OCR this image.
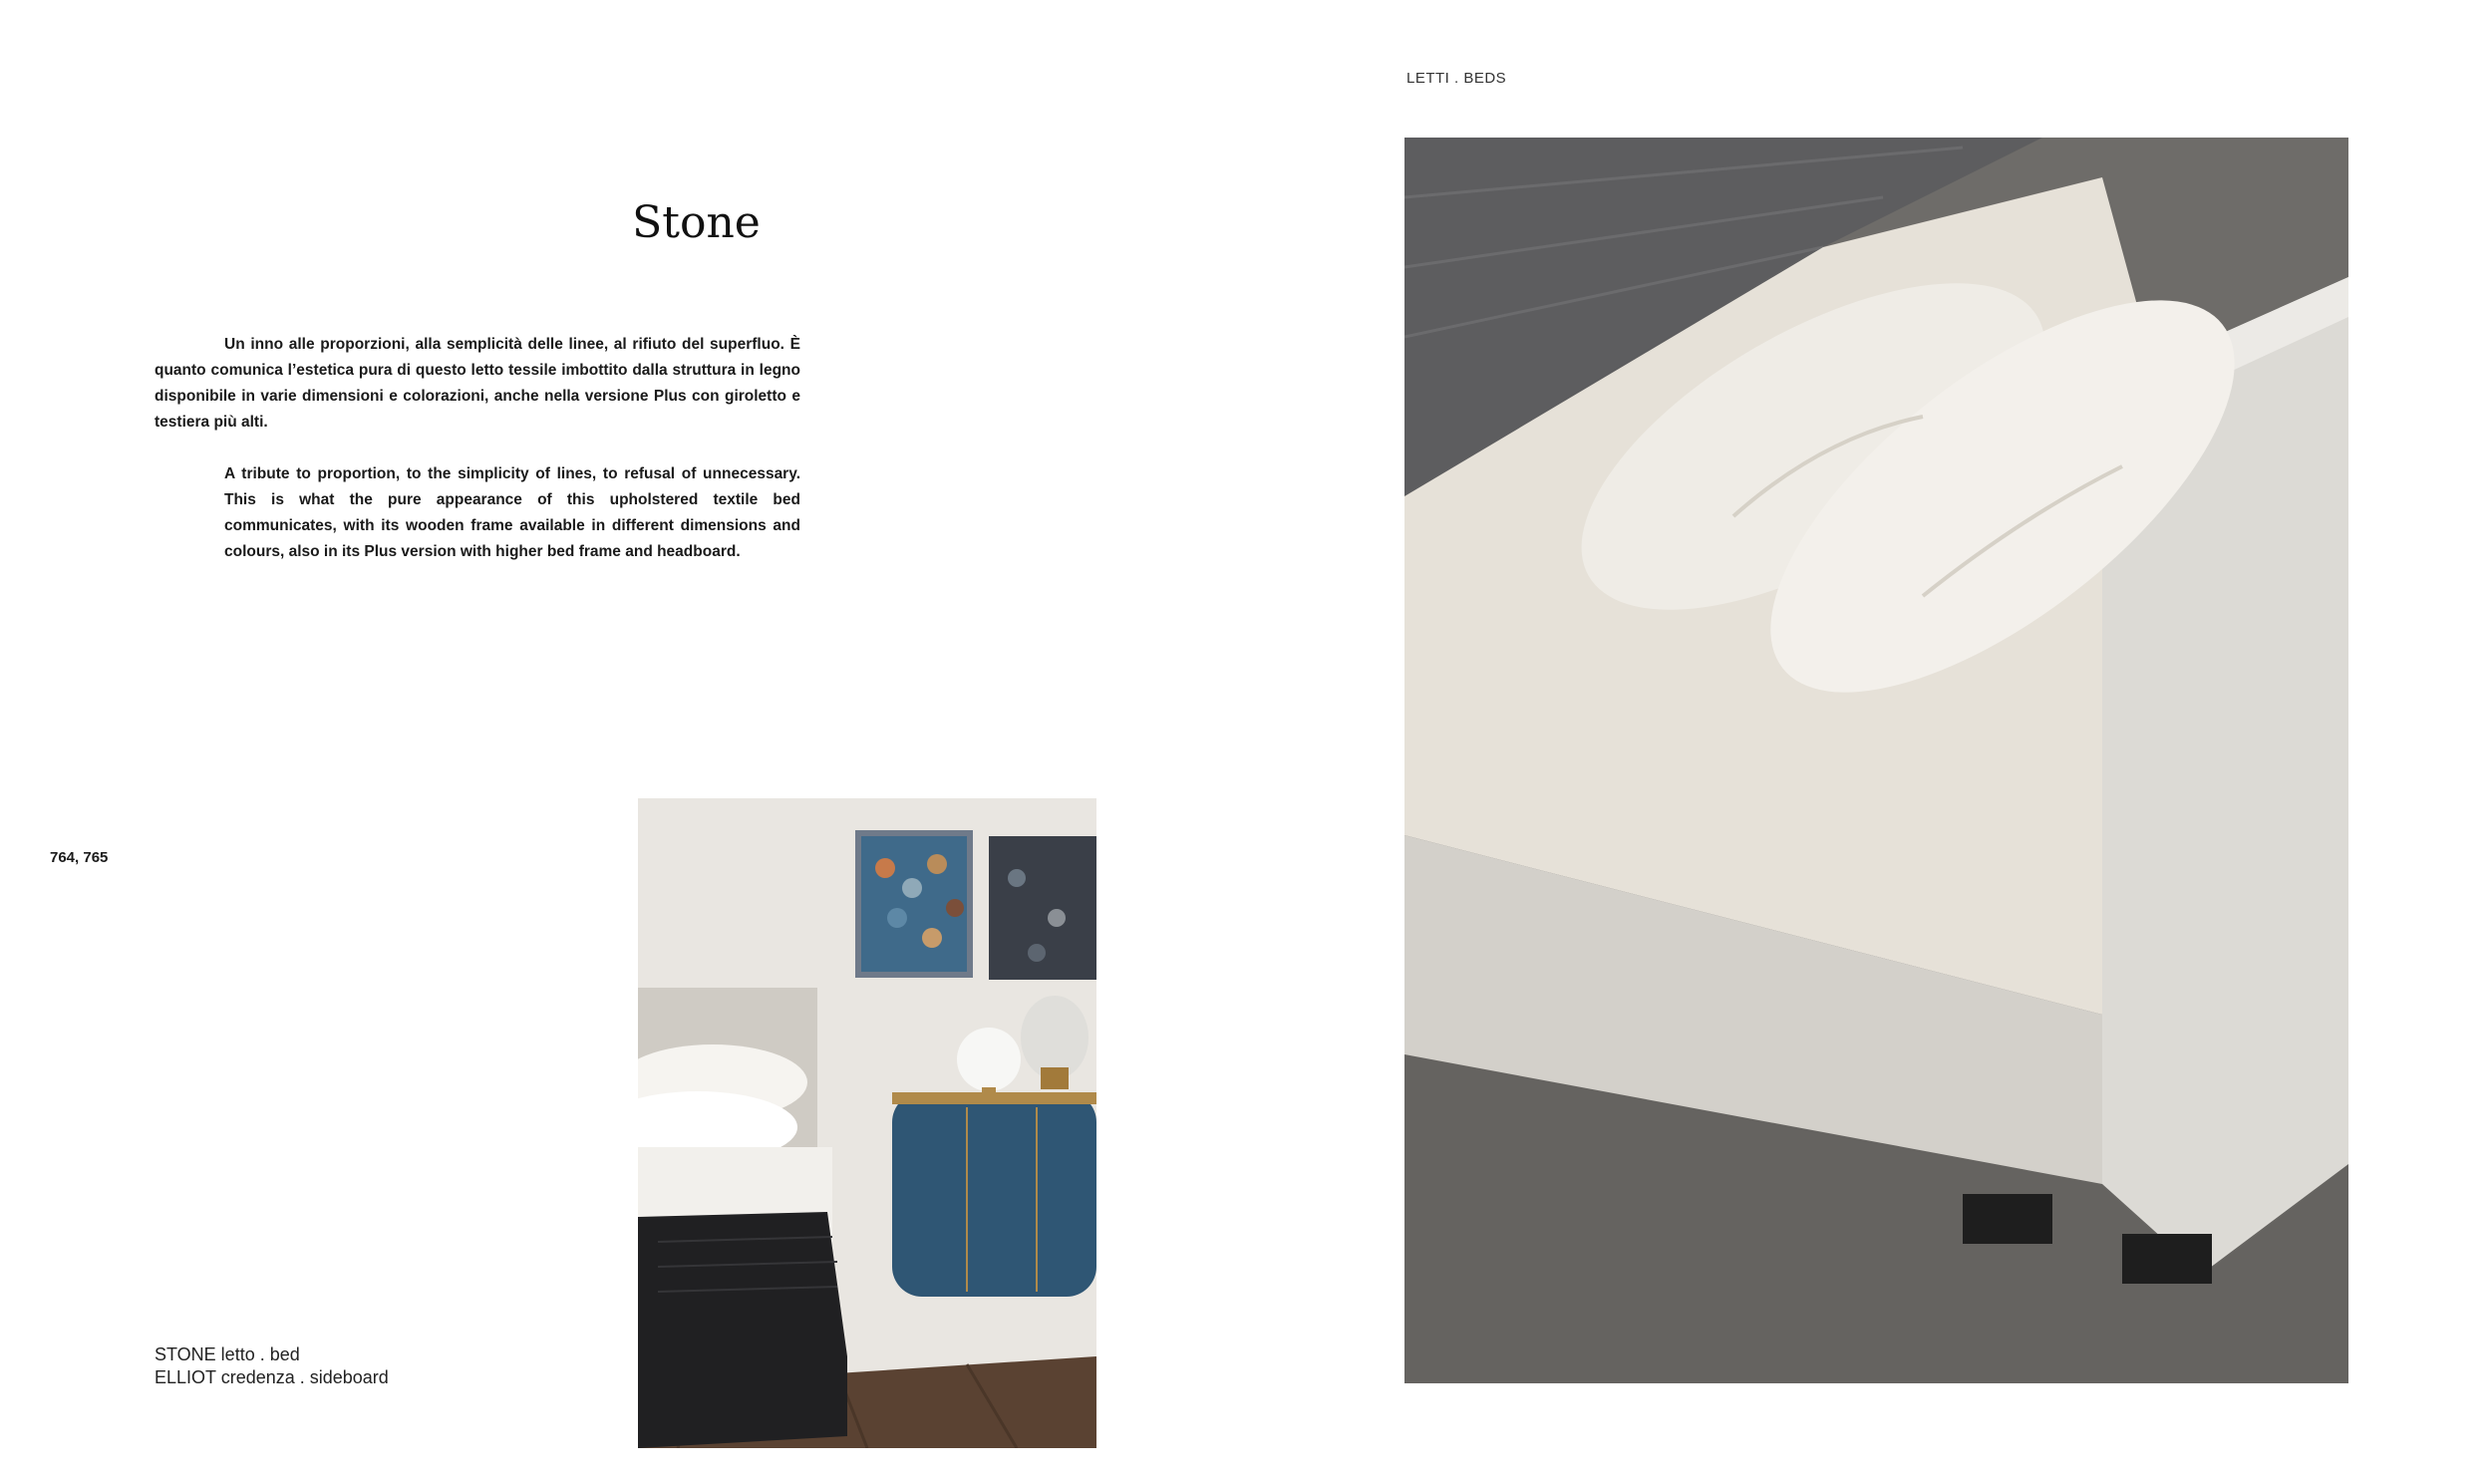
LETTI . BEDS
Stone

Un inno alle proporzioni, alla semplicità delle linee, al rifiuto del superfluo. È quanto comunica l’estetica pura di questo letto tessile imbottito dalla struttura in legno disponibile in varie dimensioni e colorazioni, anche nella versione Plus con giroletto e testiera più alti.

A tribute to proportion, to the simplicity of lines, to refusal of unnecessary. This is what the pure appearance of this upholstered textile bed communicates, with its wooden frame available in different dimensions and colours, also in its Plus version with higher bed frame and headboard.

764, 765
STONE letto . bed
ELLIOT credenza . sideboard
